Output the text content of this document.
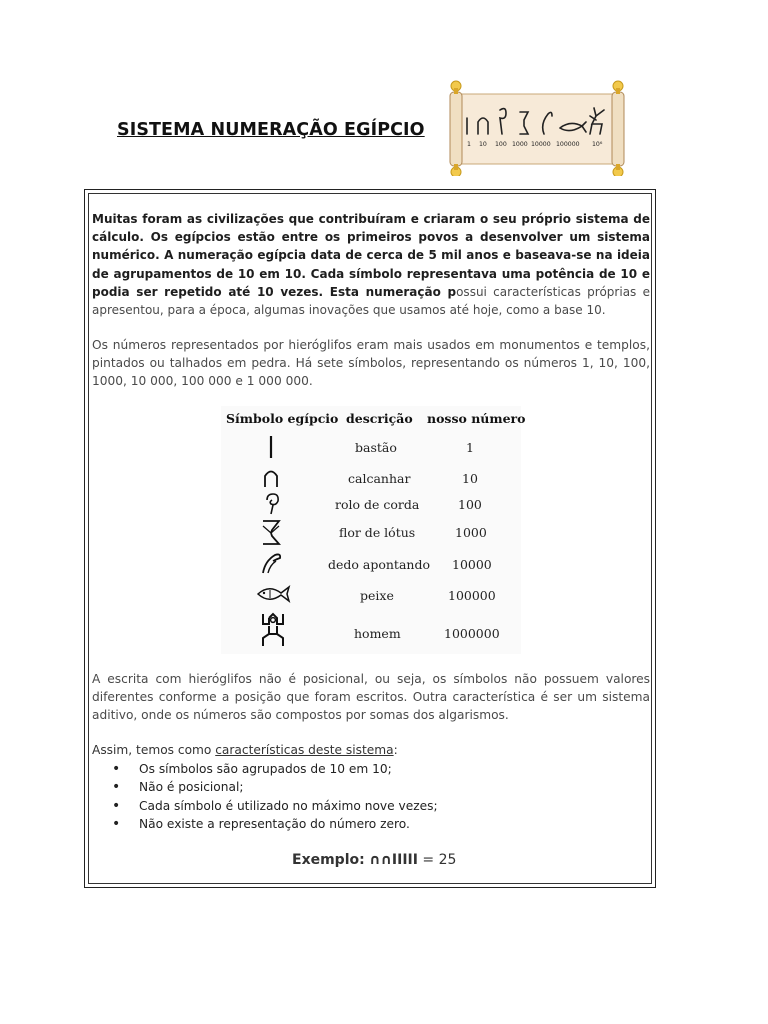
SISTEMA NUMERAÇÃO EGÍPCIO
1 10 100 1000 10000 100000 10⁶
Muitas foram as civilizações que contribuíram e criaram o seu próprio sistema de cálculo. Os egípcios estão entre os primeiros povos a desenvolver um sistema numérico. A numeração egípcia data de cerca de 5 mil anos e baseava-se na ideia de agrupamentos de 10 em 10. Cada símbolo representava uma potência de 10 e podia ser repetido até 10 vezes. Esta numeração possui características próprias e apresentou, para a época, algumas inovações que usamos até hoje, como a base 10.
Os números representados por hieróglifos eram mais usados em monumentos e templos, pintados ou talhados em pedra. Há sete símbolos, representando os números 1, 10, 100, 1000, 10 000, 100 000 e 1 000 000.
Símbolo egípcio descrição nosso número
bastão	1
calcanhar	10
rolo de corda	100
flor de lótus	1000
dedo apontando 10000
peixe	100000
homem	1000000
A escrita com hieróglifos não é posicional, ou seja, os símbolos não possuem valores diferentes conforme a posição que foram escritos. Outra característica é ser um sistema aditivo, onde os números são compostos por somas dos algarismos.
Assim, temos como características deste sistema:
• Os símbolos são agrupados de 10 em 10;
• Não é posicional;
• Cada símbolo é utilizado no máximo nove vezes;
• Não existe a representação do número zero.
Exemplo: ∩∩IIIII = 25
